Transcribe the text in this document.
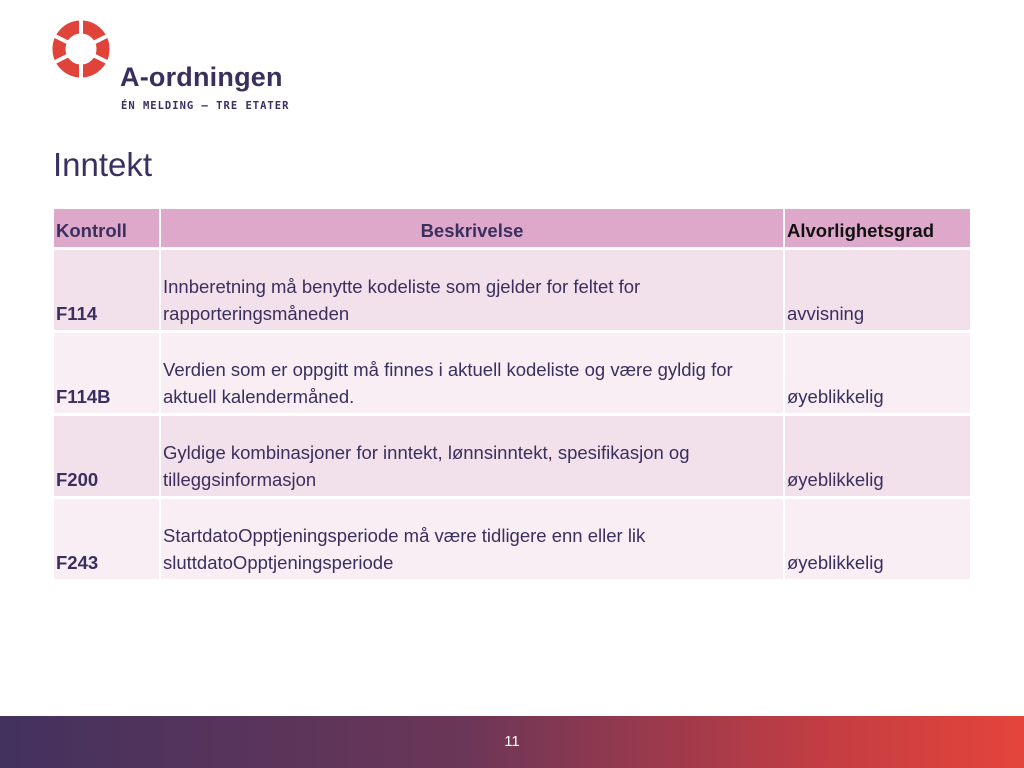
A-ordningen
ÉN MELDING – TRE ETATER
Inntekt
Kontroll	Beskrivelse	Alvorlighetsgrad
F114	Innberetning må benytte kodeliste som gjelder for feltet for rapporteringsmåneden	avvisning
F114B	Verdien som er oppgitt må finnes i aktuell kodeliste og være gyldig for aktuell kalendermåned.	øyeblikkelig
F200	Gyldige kombinasjoner for inntekt, lønnsinntekt, spesifikasjon og tilleggsinformasjon	øyeblikkelig
F243	StartdatoOpptjeningsperiode må være tidligere enn eller lik sluttdatoOpptjeningsperiode	øyeblikkelig
11
